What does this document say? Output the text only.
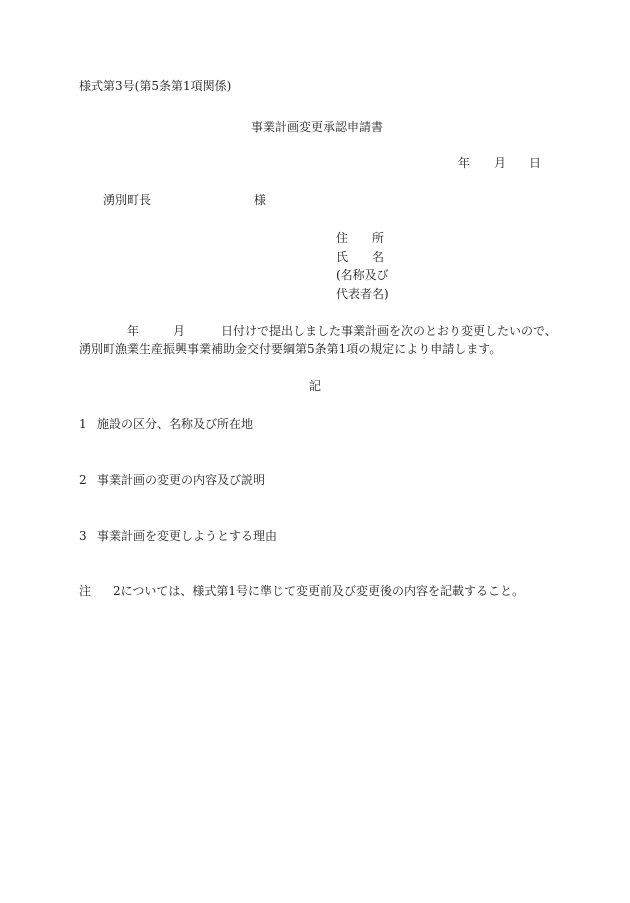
様式第3号(第5条第1項関係)
事業計画変更承認申請書
年 月 日
湧別町長	様
住　　所
氏　　名
(名称及び
代表者名)
年	月	日付けで提出しました事業計画を次のとおり変更したいので、
湧別町漁業生産振興事業補助金交付要綱第5条第1項の規定により申請します。
記
1 施設の区分、名称及び所在地
2 事業計画の変更の内容及び説明
3 事業計画を変更しようとする理由
注 2については、様式第1号に準じて変更前及び変更後の内容を記載すること。
